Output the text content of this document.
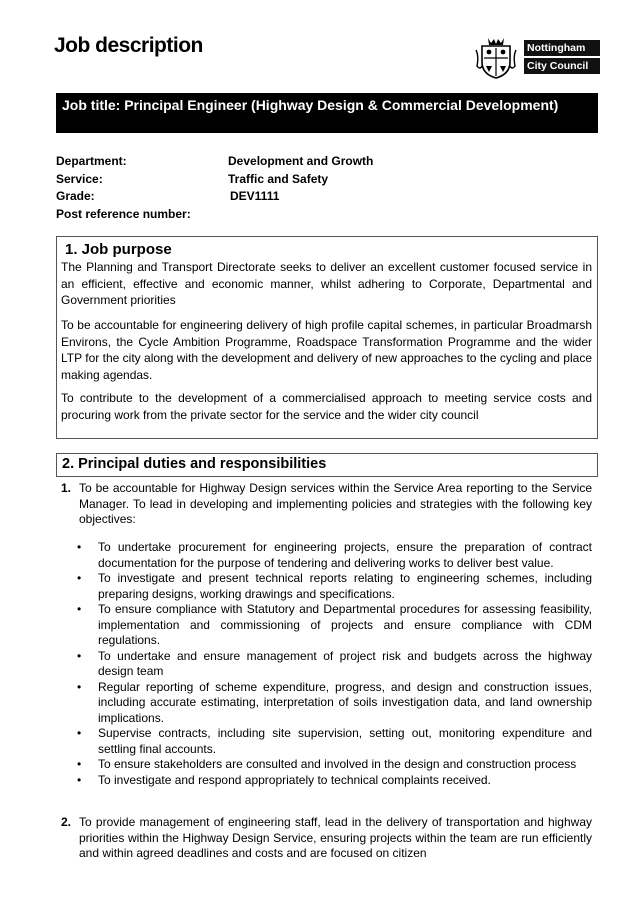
Job description	Nottingham
City Council
Job title: Principal Engineer (Highway Design & Commercial Development)
Department:	Development and Growth
Service:	Traffic and Safety
Grade:	DEV1111
Post reference number:
1. Job purpose

The Planning and Transport Directorate seeks to deliver an excellent customer focused service in an efficient, effective and economic manner, whilst adhering to Corporate, Departmental and Government priorities

To be accountable for engineering delivery of high profile capital schemes, in particular Broadmarsh Environs, the Cycle Ambition Programme, Roadspace Transformation Programme and the wider LTP for the city along with the development and delivery of new approaches to the cycling and place making agendas.

To contribute to the development of a commercialised approach to meeting service costs and procuring work from the private sector for the service and the wider city council

2. Principal duties and responsibilities
1. To be accountable for Highway Design services within the Service Area reporting to the Service Manager. To lead in developing and implementing policies and strategies with the following key objectives:
• To undertake procurement for engineering projects, ensure the preparation of contract documentation for the purpose of tendering and delivering works to deliver best value.
• To investigate and present technical reports relating to engineering schemes, including preparing designs, working drawings and specifications.
• To ensure compliance with Statutory and Departmental procedures for assessing feasibility, implementation and commissioning of projects and ensure compliance with CDM regulations.
• To undertake and ensure management of project risk and budgets across the highway design team
• Regular reporting of scheme expenditure, progress, and design and construction issues, including accurate estimating, interpretation of soils investigation data, and land ownership implications.
• Supervise contracts, including site supervision, setting out, monitoring expenditure and settling final accounts.
• To ensure stakeholders are consulted and involved in the design and construction process
• To investigate and respond appropriately to technical complaints received.
2. To provide management of engineering staff, lead in the delivery of transportation and highway priorities within the Highway Design Service, ensuring projects within the team are run efficiently and within agreed deadlines and costs and are focused on citizen
